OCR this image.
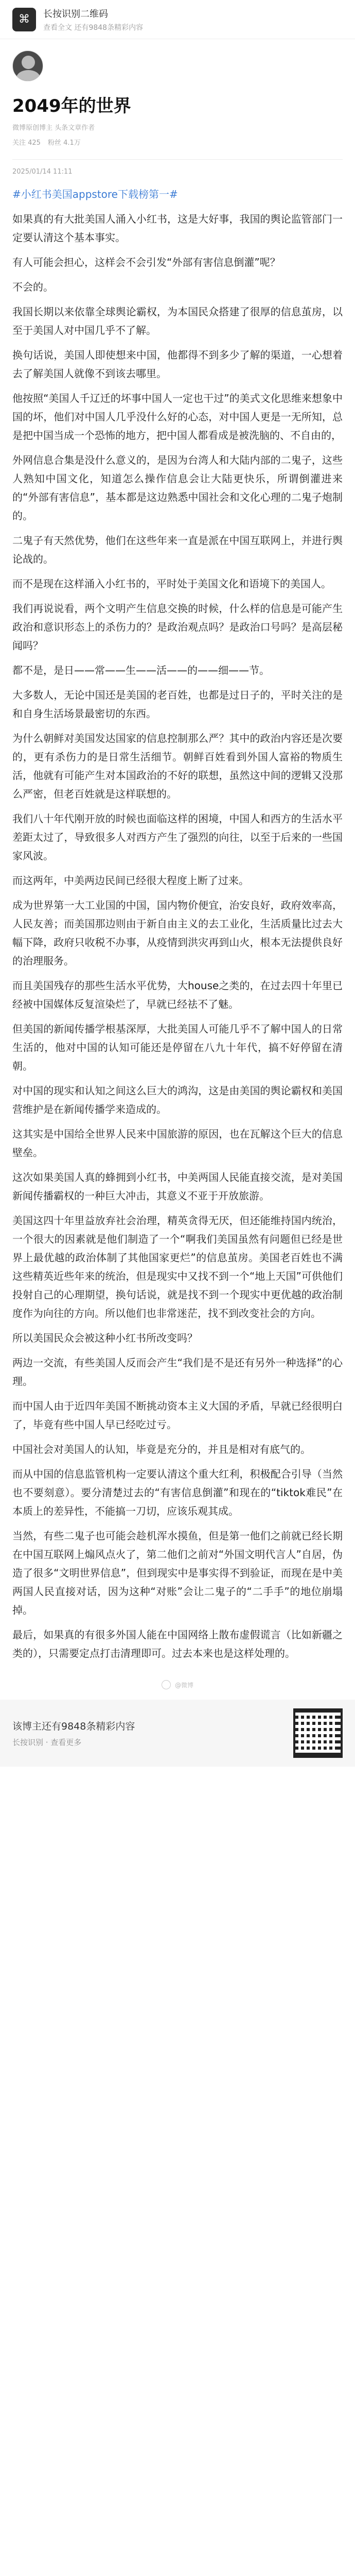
⌘	长按识别二维码
查看全文 还有9848条精彩内容
2049年的世界
微博原创博主 头条文章作者
关注 425 粉丝 4.1万
2025/01/14 11:11

#小红书美国appstore下载榜第一#

如果真的有大批美国人涌入小红书，这是大好事，我国的舆论监管部门一定要认清这个基本事实。

有人可能会担心，这样会不会引发“外部有害信息倒灌”呢？

不会的。

我国长期以来依靠全球舆论霸权，为本国民众搭建了很厚的信息茧房，以至于美国人对中国几乎不了解。

换句话说，美国人即使想来中国，他都得不到多少了解的渠道，一心想着去了解美国人就像不到该去哪里。

他按照“美国人千辽迁的坏事中国人一定也干过”的美式文化思维来想象中国的坏，他们对中国人几乎没什么好的心态，对中国人更是一无所知，总是把中国当成一个恐怖的地方，把中国人都看成是被洗脑的、不自由的，

外网信息合集是没什么意义的，是因为台湾人和大陆内部的二鬼子，这些人熟知中国文化，知道怎么操作信息会让大陆更快乐，所谓倒灌进来的“外部有害信息”，基本都是这边熟悉中国社会和文化心理的二鬼子炮制的。

二鬼子有天然优势，他们在这些年来一直是派在中国互联网上，并进行舆论战的。

而不是现在这样涌入小红书的，平时处于美国文化和语境下的美国人。

我们再说说看，两个文明产生信息交换的时候，什么样的信息是可能产生政治和意识形态上的杀伤力的？是政治观点吗？是政治口号吗？是高层秘闻吗？

都不是，是日——常——生——活——的——细——节。

大多数人，无论中国还是美国的老百姓，也都是过日子的，平时关注的是和自身生活场景最密切的东西。

为什么朝鲜对美国发达国家的信息控制那么严？其中的政治内容还是次要的，更有杀伤力的是日常生活细节。朝鲜百姓看到外国人富裕的物质生活，他就有可能产生对本国政治的不好的联想，虽然这中间的逻辑又没那么严密，但老百姓就是这样联想的。

我们八十年代刚开放的时候也面临这样的困境，中国人和西方的生活水平差距太过了，导致很多人对西方产生了强烈的向往，以至于后来的一些国家风波。

而这两年，中美两边民间已经很大程度上断了过来。

成为世界第一大工业国的中国，国内物价便宜，治安良好，政府效率高，人民友善；而美国那边则由于新自由主义的去工业化，生活质量比过去大幅下降，政府只收税不办事，从疫情到洪灾再到山火，根本无法提供良好的治理服务。

而且美国残存的那些生活水平优势，大house之类的，在过去四十年里已经被中国媒体反复渲染烂了，早就已经祛不了魅。

但美国的新闻传播学根基深厚，大批美国人可能几乎不了解中国人的日常生活的，他对中国的认知可能还是停留在八九十年代，搞不好停留在清朝。

对中国的现实和认知之间这么巨大的鸿沟，这是由美国的舆论霸权和美国营维护是在新闻传播学来造成的。

这其实是中国给全世界人民来中国旅游的原因，也在瓦解这个巨大的信息壁垒。

这次如果美国人真的蜂拥到小红书，中美两国人民能直接交流，是对美国新闻传播霸权的一种巨大冲击，其意义不亚于开放旅游。

美国这四十年里益放弃社会治理，精英贪得无厌，但还能维持国内统治，一个很大的因素就是他们制造了一个“啊我们美国虽然有问题但已经是世界上最优越的政治体制了其他国家更烂”的信息茧房。美国老百姓也不满这些精英近些年来的统治，但是现实中又找不到一个“地上天国”可供他们投射自己的心理期望，换句话说，就是找不到一个现实中更优越的政治制度作为向往的方向。所以他们也非常迷茫，找不到改变社会的方向。

所以美国民众会被这种小红书所改变吗？

两边一交流，有些美国人反而会产生“我们是不是还有另外一种选择”的心理。

而中国人由于近四年美国不断挑动资本主义大国的矛盾，早就已经很明白了，毕竟有些中国人早已经吃过亏。

中国社会对美国人的认知，毕竟是充分的，并且是相对有底气的。

而从中国的信息监管机构一定要认清这个重大红利，积极配合引导（当然也不要刻意）。要分清楚过去的“有害信息倒灌”和现在的“tiktok难民”在本质上的差异性，不能搞一刀切，应该乐观其成。

当然，有些二鬼子也可能会趁机浑水摸鱼，但是第一他们之前就已经长期在中国互联网上煽风点火了，第二他们之前对“外国文明代言人”自居，伪造了很多“文明世界信息”，但到现实中是事实得不到验证，而现在是中美两国人民直接对话，因为这种“对账”会让二鬼子的“二手手”的地位崩塌掉。

最后，如果真的有很多外国人能在中国网络上散布虚假谎言（比如新疆之类的），只需要定点打击清理即可。过去本来也是这样处理的。

@微博
该博主还有9848条精彩内容
长按识别 · 查看更多
